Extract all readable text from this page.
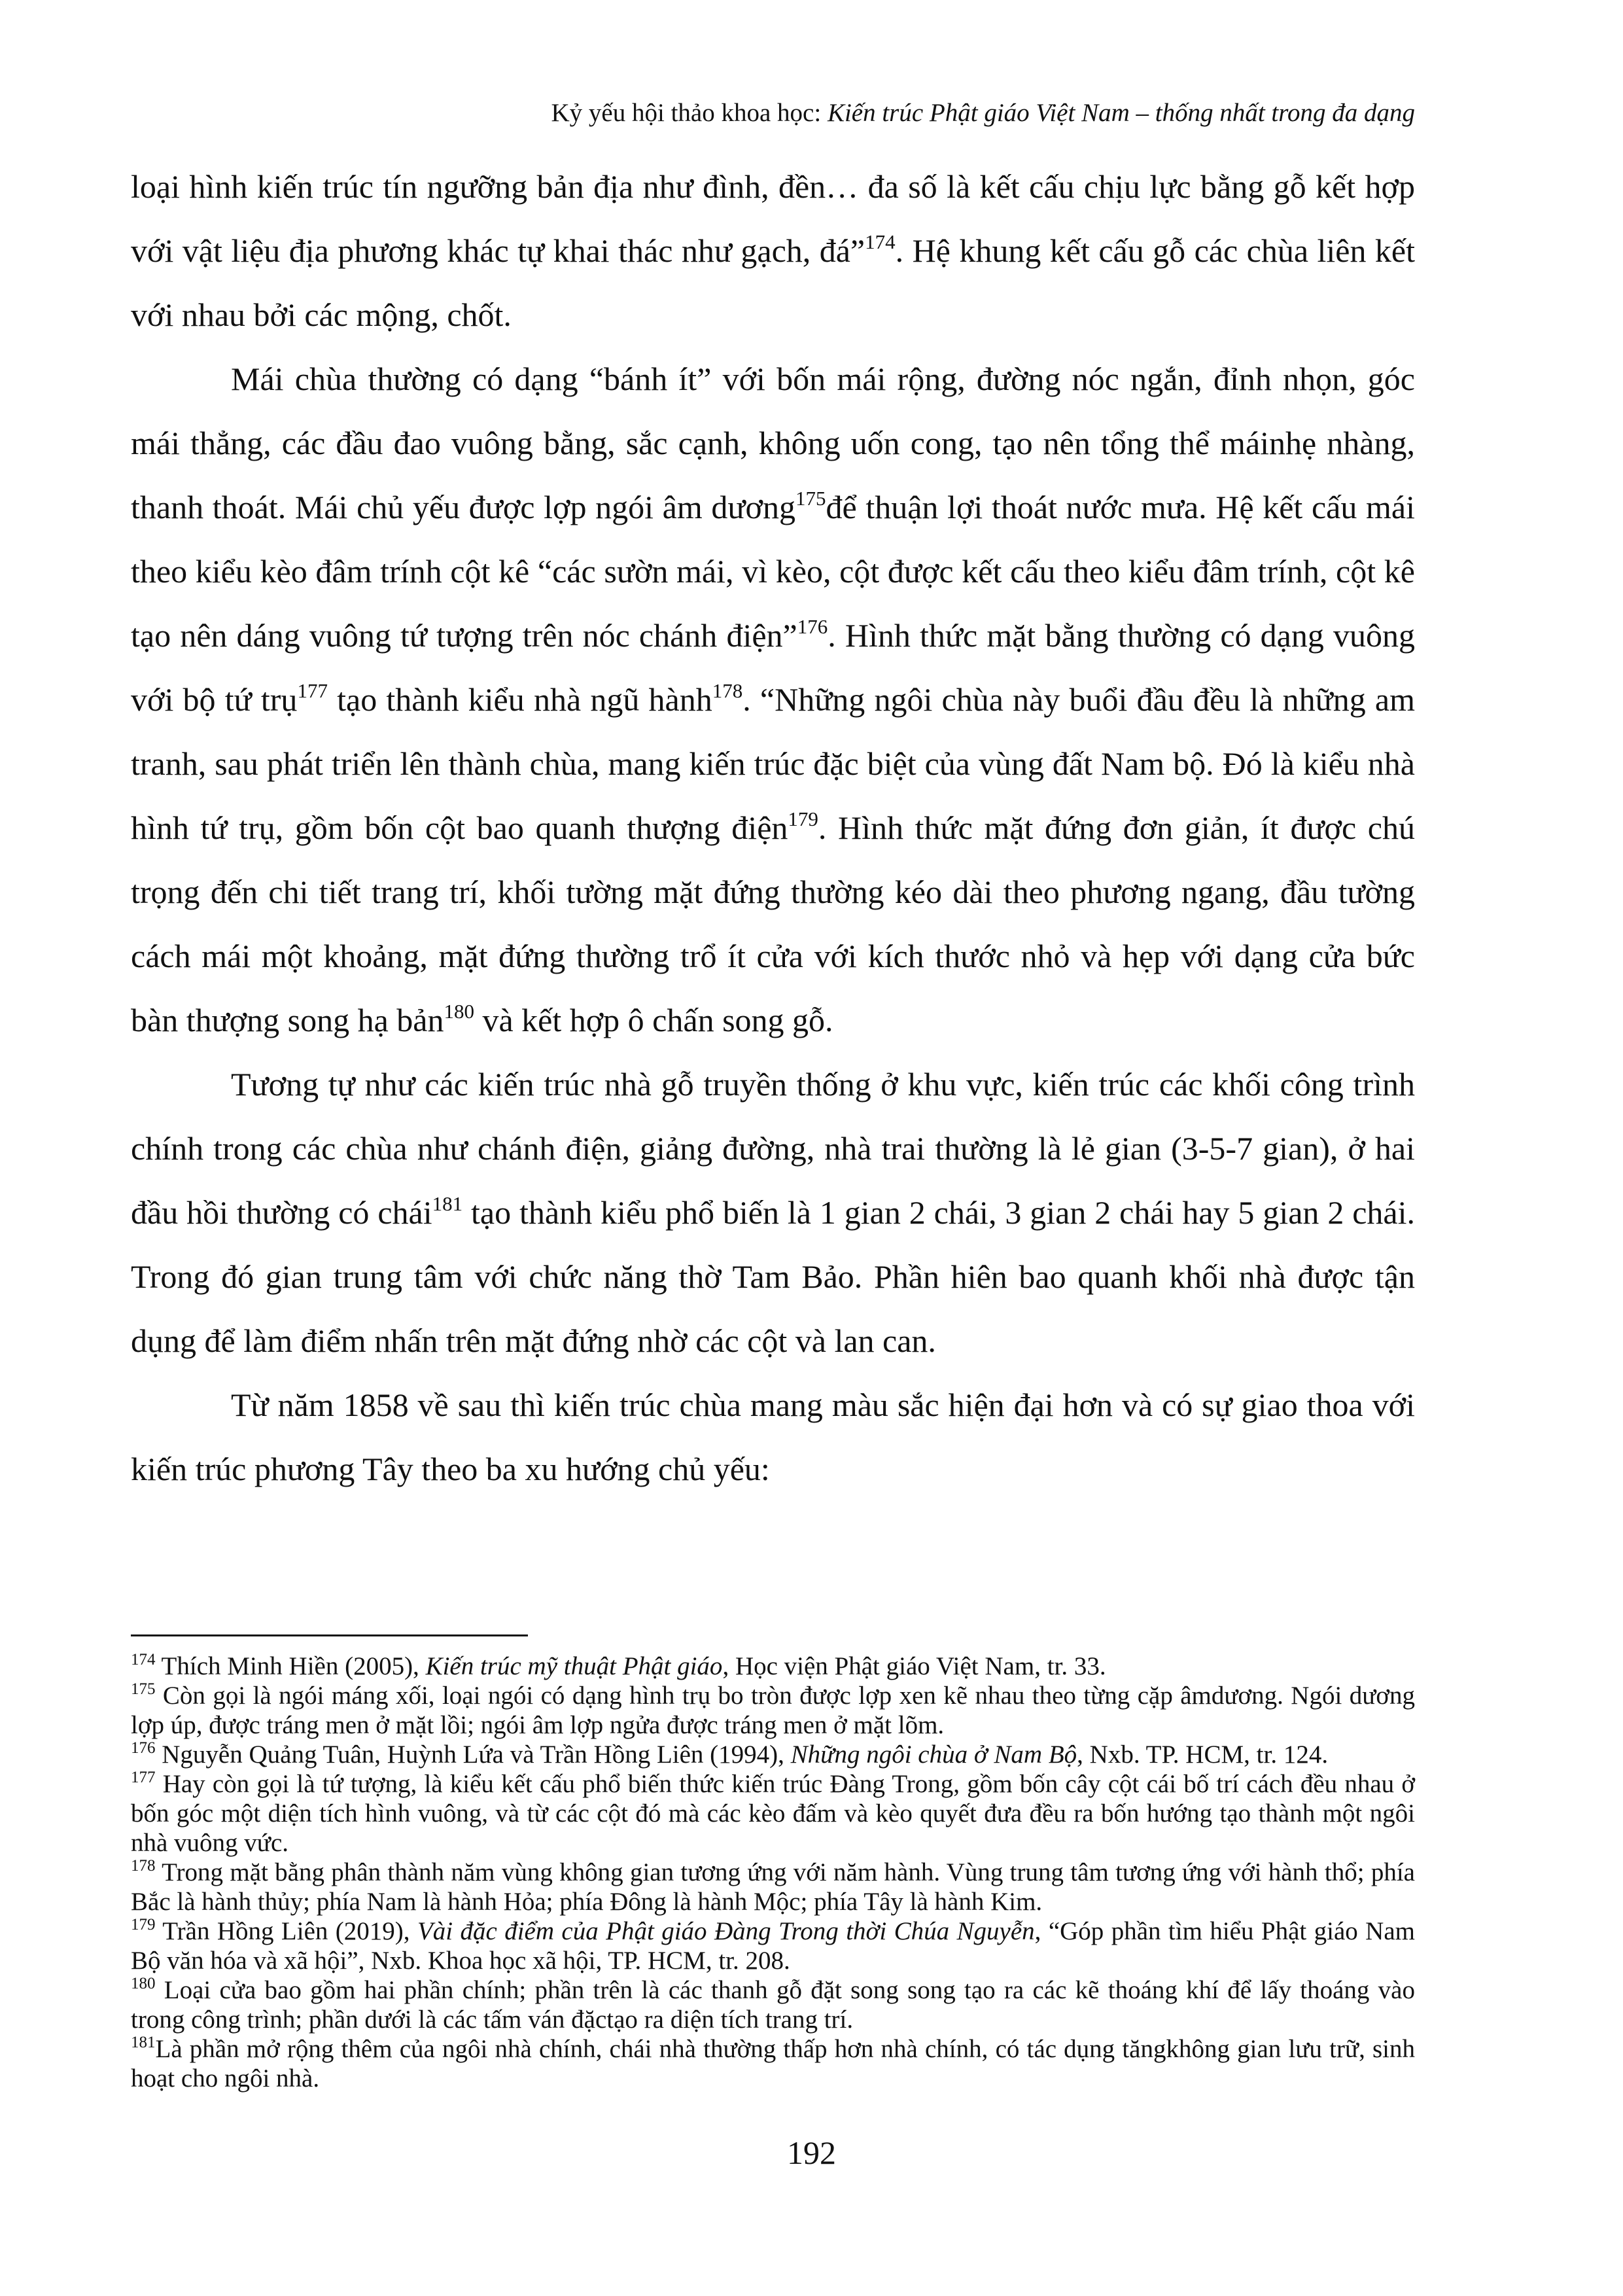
Kỷ yếu hội thảo khoa học: Kiến trúc Phật giáo Việt Nam – thống nhất trong đa dạng

loại hình kiến trúc tín ngưỡng bản địa như đình, đền… đa số là kết cấu chịu lực bằng gỗ kết hợp với vật liệu địa phương khác tự khai thác như gạch, đá”$^{174}$. Hệ khung kết cấu gỗ các chùa liên kết với nhau bởi các mộng, chốt.

Mái chùa thường có dạng “bánh ít” với bốn mái rộng, đường nóc ngắn, đỉnh nhọn, góc mái thẳng, các đầu đao vuông bằng, sắc cạnh, không uốn cong, tạo nên tổng thể máinhẹ nhàng, thanh thoát. Mái chủ yếu được lợp ngói âm dương$^{175}$để thuận lợi thoát nước mưa. Hệ kết cấu mái theo kiểu kèo đâm trính cột kê “các sườn mái, vì kèo, cột được kết cấu theo kiểu đâm trính, cột kê tạo nên dáng vuông tứ tượng trên nóc chánh điện”$^{176}$. Hình thức mặt bằng thường có dạng vuông với bộ tứ trụ$^{177}$ tạo thành kiểu nhà ngũ hành$^{178}$. “Những ngôi chùa này buổi đầu đều là những am tranh, sau phát triển lên thành chùa, mang kiến trúc đặc biệt của vùng đất Nam bộ. Đó là kiểu nhà hình tứ trụ, gồm bốn cột bao quanh thượng điện$^{179}$. Hình thức mặt đứng đơn giản, ít được chú trọng đến chi tiết trang trí, khối tường mặt đứng thường kéo dài theo phương ngang, đầu tường cách mái một khoảng, mặt đứng thường trổ ít cửa với kích thước nhỏ và hẹp với dạng cửa bức bàn thượng song hạ bản$^{180}$ và kết hợp ô chấn song gỗ.

Tương tự như các kiến trúc nhà gỗ truyền thống ở khu vực, kiến trúc các khối công trình chính trong các chùa như chánh điện, giảng đường, nhà trai thường là lẻ gian (3-5-7 gian), ở hai đầu hồi thường có chái$^{181}$ tạo thành kiểu phổ biến là 1 gian 2 chái, 3 gian 2 chái hay 5 gian 2 chái. Trong đó gian trung tâm với chức năng thờ Tam Bảo. Phần hiên bao quanh khối nhà được tận dụng để làm điểm nhấn trên mặt đứng nhờ các cột và lan can.

Từ năm 1858 về sau thì kiến trúc chùa mang màu sắc hiện đại hơn và có sự giao thoa với kiến trúc phương Tây theo ba xu hướng chủ yếu:

$^{174}$ Thích Minh Hiền (2005), Kiến trúc mỹ thuật Phật giáo, Học viện Phật giáo Việt Nam, tr. 33.

$^{175}$ Còn gọi là ngói máng xối, loại ngói có dạng hình trụ bo tròn được lợp xen kẽ nhau theo từng cặp âmdương. Ngói dương lợp úp, được tráng men ở mặt lồi; ngói âm lợp ngửa được tráng men ở mặt lõm.

$^{176}$ Nguyễn Quảng Tuân, Huỳnh Lứa và Trần Hồng Liên (1994), Những ngôi chùa ở Nam Bộ, Nxb. TP. HCM, tr. 124.

$^{177}$ Hay còn gọi là tứ tượng, là kiểu kết cấu phổ biến thức kiến trúc Đàng Trong, gồm bốn cây cột cái bố trí cách đều nhau ở bốn góc một diện tích hình vuông, và từ các cột đó mà các kèo đấm và kèo quyết đưa đều ra bốn hướng tạo thành một ngôi nhà vuông vức.

$^{178}$ Trong mặt bằng phân thành năm vùng không gian tương ứng với năm hành. Vùng trung tâm tương ứng với hành thổ; phía Bắc là hành thủy; phía Nam là hành Hỏa; phía Đông là hành Mộc; phía Tây là hành Kim.

$^{179}$ Trần Hồng Liên (2019), Vài đặc điểm của Phật giáo Đàng Trong thời Chúa Nguyễn, “Góp phần tìm hiểu Phật giáo Nam Bộ văn hóa và xã hội”, Nxb. Khoa học xã hội, TP. HCM, tr. 208.

$^{180}$ Loại cửa bao gồm hai phần chính; phần trên là các thanh gỗ đặt song song tạo ra các kẽ thoáng khí để lấy thoáng vào trong công trình; phần dưới là các tấm ván đặctạo ra diện tích trang trí.

$^{181}$Là phần mở rộng thêm của ngôi nhà chính, chái nhà thường thấp hơn nhà chính, có tác dụng tăngkhông gian lưu trữ, sinh hoạt cho ngôi nhà.

192
